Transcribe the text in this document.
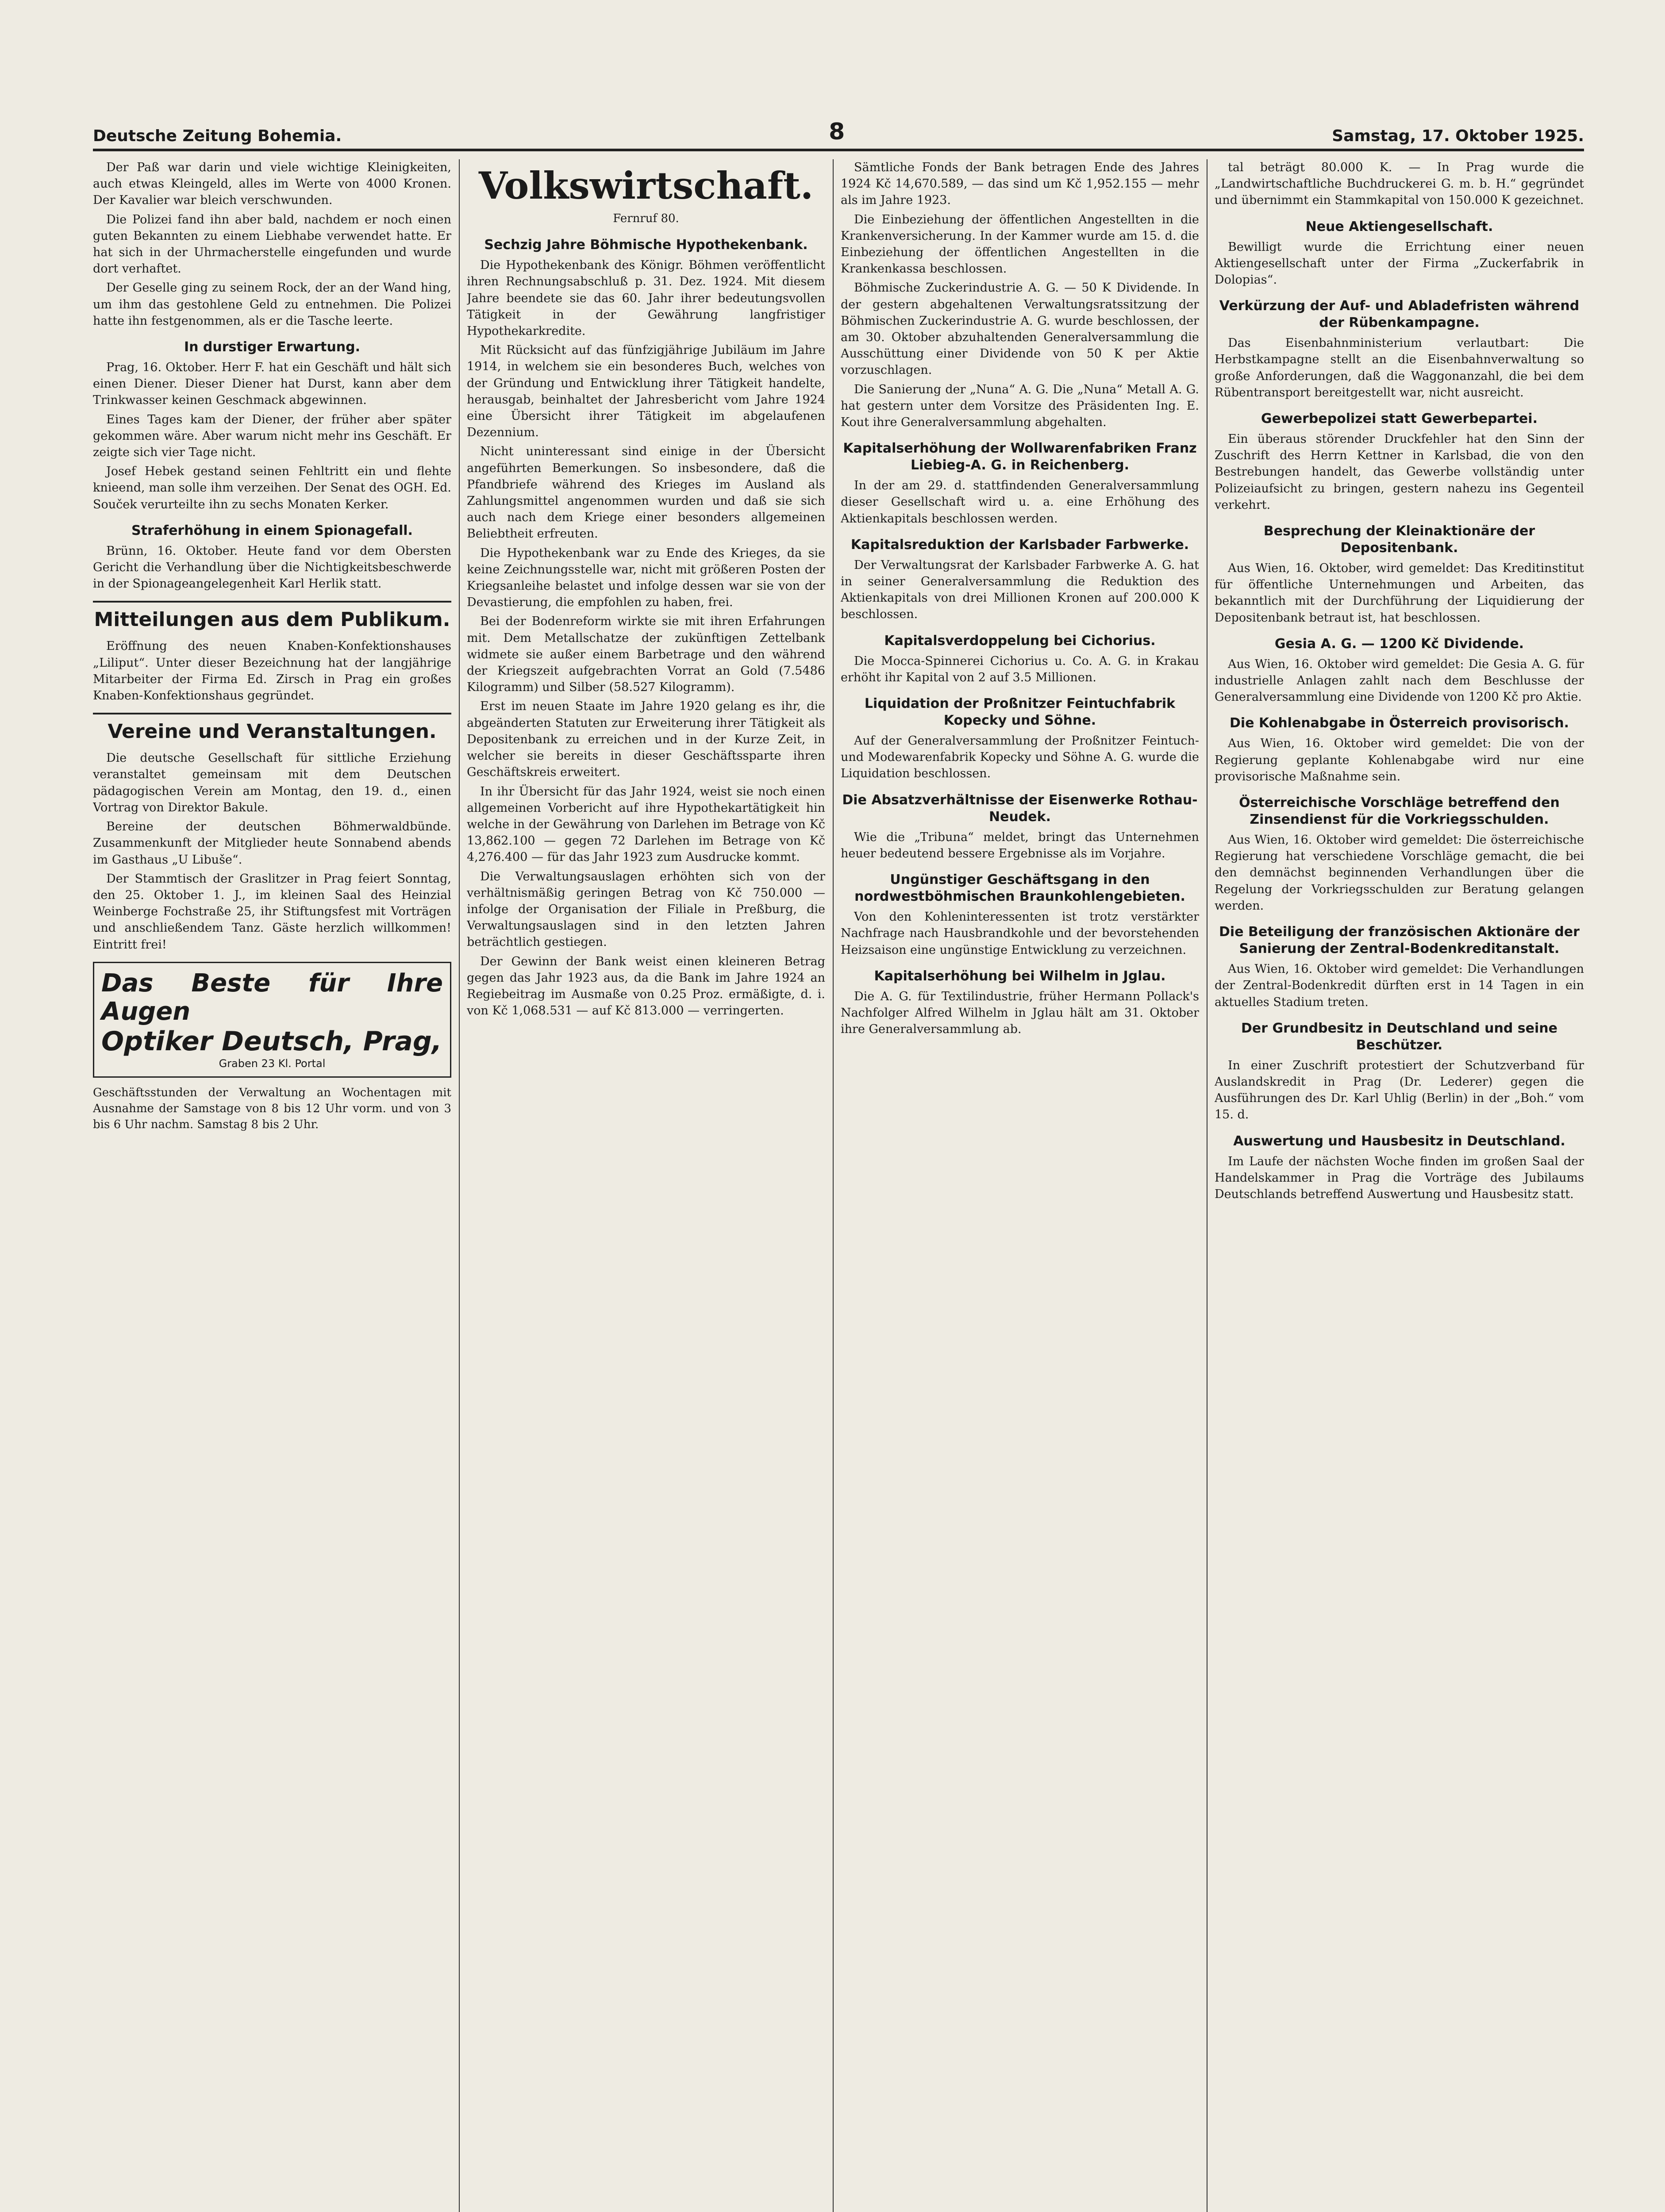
Deutsche Zeitung Bohemia.	8	Samstag, 17. Oktober 1925.

Der Paß war darin und viele wichtige Kleinigkeiten, auch etwas Kleingeld, alles im Werte von 4000 Kronen. Der Kavalier war bleich verschwunden.

Die Polizei fand ihn aber bald, nachdem er noch einen guten Bekannten zu einem Liebhabe verwendet hatte. Er hat sich in der Uhrmacherstelle eingefunden und wurde dort verhaftet.

Der Geselle ging zu seinem Rock, der an der Wand hing, um ihm das gestohlene Geld zu entnehmen. Die Polizei hatte ihn festgenommen, als er die Tasche leerte.

In durstiger Erwartung.

Prag, 16. Oktober. Herr F. hat ein Geschäft und hält sich einen Diener. Dieser Diener hat Durst, kann aber dem Trinkwasser keinen Geschmack abgewinnen.

Eines Tages kam der Diener, der früher aber später gekommen wäre. Aber warum nicht mehr ins Geschäft. Er zeigte sich vier Tage nicht.

Josef Hebek gestand seinen Fehltritt ein und flehte knieend, man solle ihm verzeihen. Der Senat des OGH. Ed. Souček verurteilte ihn zu sechs Monaten Kerker.

Straferhöhung in einem Spionagefall.

Brünn, 16. Oktober. Heute fand vor dem Obersten Gericht die Verhandlung über die Nichtigkeitsbeschwerde in der Spionageangelegenheit Karl Herlik statt.

Mitteilungen aus dem Publikum.

Eröffnung des neuen Knaben-Konfektionshauses „Liliput“. Unter dieser Bezeichnung hat der langjährige Mitarbeiter der Firma Ed. Zirsch in Prag ein großes Knaben-Konfektionshaus gegründet.

Vereine und Veranstaltungen.

Die deutsche Gesellschaft für sittliche Erziehung veranstaltet gemeinsam mit dem Deutschen pädagogischen Verein am Montag, den 19. d., einen Vortrag von Direktor Bakule.

Bereine der deutschen Böhmerwaldbünde. Zusammenkunft der Mitglieder heute Sonnabend abends im Gasthaus „U Libuše“.

Der Stammtisch der Graslitzer in Prag feiert Sonntag, den 25. Oktober 1. J., im kleinen Saal des Heinzial Weinberge Fochstraße 25, ihr Stiftungsfest mit Vorträgen und anschließendem Tanz. Gäste herzlich willkommen! Eintritt frei!

Das Beste für Ihre Augen
Optiker Deutsch, Prag,
Graben 23 Kl. Portal
Geschäftsstunden der Verwaltung an Wochentagen mit Ausnahme der Samstage von 8 bis 12 Uhr vorm. und von 3 bis 6 Uhr nachm. Samstag 8 bis 2 Uhr.
Volkswirtschaft.
Fernruf 80.
Sechzig Jahre Böhmische Hypothekenbank.

Die Hypothekenbank des Königr. Böhmen veröffentlicht ihren Rechnungsabschluß p. 31. Dez. 1924. Mit diesem Jahre beendete sie das 60. Jahr ihrer bedeutungsvollen Tätigkeit in der Gewährung langfristiger Hypothekarkredite.

Mit Rücksicht auf das fünfzigjährige Jubiläum im Jahre 1914, in welchem sie ein besonderes Buch, welches von der Gründung und Entwicklung ihrer Tätigkeit handelte, herausgab, beinhaltet der Jahresbericht vom Jahre 1924 eine Übersicht ihrer Tätigkeit im abgelaufenen Dezennium.

Nicht uninteressant sind einige in der Übersicht angeführten Bemerkungen. So insbesondere, daß die Pfandbriefe während des Krieges im Ausland als Zahlungsmittel angenommen wurden und daß sie sich auch nach dem Kriege einer besonders allgemeinen Beliebtheit erfreuten.

Die Hypothekenbank war zu Ende des Krieges, da sie keine Zeichnungsstelle war, nicht mit größeren Posten der Kriegsanleihe belastet und infolge dessen war sie von der Devastierung, die empfohlen zu haben, frei.

Bei der Bodenreform wirkte sie mit ihren Erfahrungen mit. Dem Metallschatze der zukünftigen Zettelbank widmete sie außer einem Barbetrage und den während der Kriegszeit aufgebrachten Vorrat an Gold (7.5486 Kilogramm) und Silber (58.527 Kilogramm).

Erst im neuen Staate im Jahre 1920 gelang es ihr, die abgeänderten Statuten zur Erweiterung ihrer Tätigkeit als Depositenbank zu erreichen und in der Kurze Zeit, in welcher sie bereits in dieser Geschäftssparte ihren Geschäftskreis erweitert.

In ihr Übersicht für das Jahr 1924, weist sie noch einen allgemeinen Vorbericht auf ihre Hypothekartätigkeit hin welche in der Gewährung von Darlehen im Betrage von Kč 13,862.100 — gegen 72 Darlehen im Betrage von Kč 4,276.400 — für das Jahr 1923 zum Ausdrucke kommt.

Die Verwaltungsauslagen erhöhten sich von der verhältnismäßig geringen Betrag von Kč 750.000 — infolge der Organisation der Filiale in Preßburg, die Verwaltungsauslagen sind in den letzten Jahren beträchtlich gestiegen.

Der Gewinn der Bank weist einen kleineren Betrag gegen das Jahr 1923 aus, da die Bank im Jahre 1924 an Regiebeitrag im Ausmaße von 0.25 Proz. ermäßigte, d. i. von Kč 1,068.531 — auf Kč 813.000 — verringerten.

Sämtliche Fonds der Bank betragen Ende des Jahres 1924 Kč 14,670.589, — das sind um Kč 1,952.155 — mehr als im Jahre 1923.

Die Einbeziehung der öffentlichen Angestellten in die Krankenversicherung. In der Kammer wurde am 15. d. die Einbeziehung der öffentlichen Angestellten in die Krankenkassa beschlossen.

Böhmische Zuckerindustrie A. G. — 50 K Dividende. In der gestern abgehaltenen Verwaltungsratssitzung der Böhmischen Zuckerindustrie A. G. wurde beschlossen, der am 30. Oktober abzuhaltenden Generalversammlung die Ausschüttung einer Dividende von 50 K per Aktie vorzuschlagen.

Die Sanierung der „Nuna“ A. G. Die „Nuna“ Metall A. G. hat gestern unter dem Vorsitze des Präsidenten Ing. E. Kout ihre Generalversammlung abgehalten.

Kapitalserhöhung der Wollwarenfabriken Franz Liebieg-A. G. in Reichenberg.

In der am 29. d. stattfindenden Generalversammlung dieser Gesellschaft wird u. a. eine Erhöhung des Aktienkapitals beschlossen werden.

Kapitalsreduktion der Karlsbader Farbwerke.

Der Verwaltungsrat der Karlsbader Farbwerke A. G. hat in seiner Generalversammlung die Reduktion des Aktienkapitals von drei Millionen Kronen auf 200.000 K beschlossen.

Kapitalsverdoppelung bei Cichorius.

Die Mocca-Spinnerei Cichorius u. Co. A. G. in Krakau erhöht ihr Kapital von 2 auf 3.5 Millionen.

Liquidation der Proßnitzer Feintuchfabrik Kopecky und Söhne.

Auf der Generalversammlung der Proßnitzer Feintuch- und Modewarenfabrik Kopecky und Söhne A. G. wurde die Liquidation beschlossen.

Die Absatzverhältnisse der Eisenwerke Rothau-Neudek.

Wie die „Tribuna“ meldet, bringt das Unternehmen heuer bedeutend bessere Ergebnisse als im Vorjahre.

Ungünstiger Geschäftsgang in den nordwestböhmischen Braunkohlengebieten.

Von den Kohleninteressenten ist trotz verstärkter Nachfrage nach Hausbrandkohle und der bevorstehenden Heizsaison eine ungünstige Entwicklung zu verzeichnen.

Kapitalserhöhung bei Wilhelm in Jglau.

Die A. G. für Textilindustrie, früher Hermann Pollack's Nachfolger Alfred Wilhelm in Jglau hält am 31. Oktober ihre Generalversammlung ab.

tal beträgt 80.000 K. — In Prag wurde die „Landwirtschaftliche Buchdruckerei G. m. b. H.“ gegründet und übernimmt ein Stammkapital von 150.000 K gezeichnet.

Neue Aktiengesellschaft.

Bewilligt wurde die Errichtung einer neuen Aktiengesellschaft unter der Firma „Zuckerfabrik in Dolopias“.

Verkürzung der Auf- und Abladefristen während der Rübenkampagne.

Das Eisenbahnministerium verlautbart: Die Herbstkampagne stellt an die Eisenbahnverwaltung so große Anforderungen, daß die Waggonanzahl, die bei dem Rübentransport bereitgestellt war, nicht ausreicht.

Gewerbepolizei statt Gewerbepartei.

Ein überaus störender Druckfehler hat den Sinn der Zuschrift des Herrn Kettner in Karlsbad, die von den Bestrebungen handelt, das Gewerbe vollständig unter Polizeiaufsicht zu bringen, gestern nahezu ins Gegenteil verkehrt.

Besprechung der Kleinaktionäre der Depositenbank.

Aus Wien, 16. Oktober, wird gemeldet: Das Kreditinstitut für öffentliche Unternehmungen und Arbeiten, das bekanntlich mit der Durchführung der Liquidierung der Depositenbank betraut ist, hat beschlossen.

Gesia A. G. — 1200 Kč Dividende.

Aus Wien, 16. Oktober wird gemeldet: Die Gesia A. G. für industrielle Anlagen zahlt nach dem Beschlusse der Generalversammlung eine Dividende von 1200 Kč pro Aktie.

Die Kohlenabgabe in Österreich provisorisch.

Aus Wien, 16. Oktober wird gemeldet: Die von der Regierung geplante Kohlenabgabe wird nur eine provisorische Maßnahme sein.

Österreichische Vorschläge betreffend den Zinsendienst für die Vorkriegsschulden.

Aus Wien, 16. Oktober wird gemeldet: Die österreichische Regierung hat verschiedene Vorschläge gemacht, die bei den demnächst beginnenden Verhandlungen über die Regelung der Vorkriegsschulden zur Beratung gelangen werden.

Die Beteiligung der französischen Aktionäre der Sanierung der Zentral-Bodenkreditanstalt.

Aus Wien, 16. Oktober wird gemeldet: Die Verhandlungen der Zentral-Bodenkredit dürften erst in 14 Tagen in ein aktuelles Stadium treten.

Der Grundbesitz in Deutschland und seine Beschützer.

In einer Zuschrift protestiert der Schutzverband für Auslandskredit in Prag (Dr. Lederer) gegen die Ausführungen des Dr. Karl Uhlig (Berlin) in der „Boh.“ vom 15. d.

Auswertung und Hausbesitz in Deutschland.

Im Laufe der nächsten Woche finden im großen Saal der Handelskammer in Prag die Vorträge des Jubilaums Deutschlands betreffend Auswertung und Hausbesitz statt.
